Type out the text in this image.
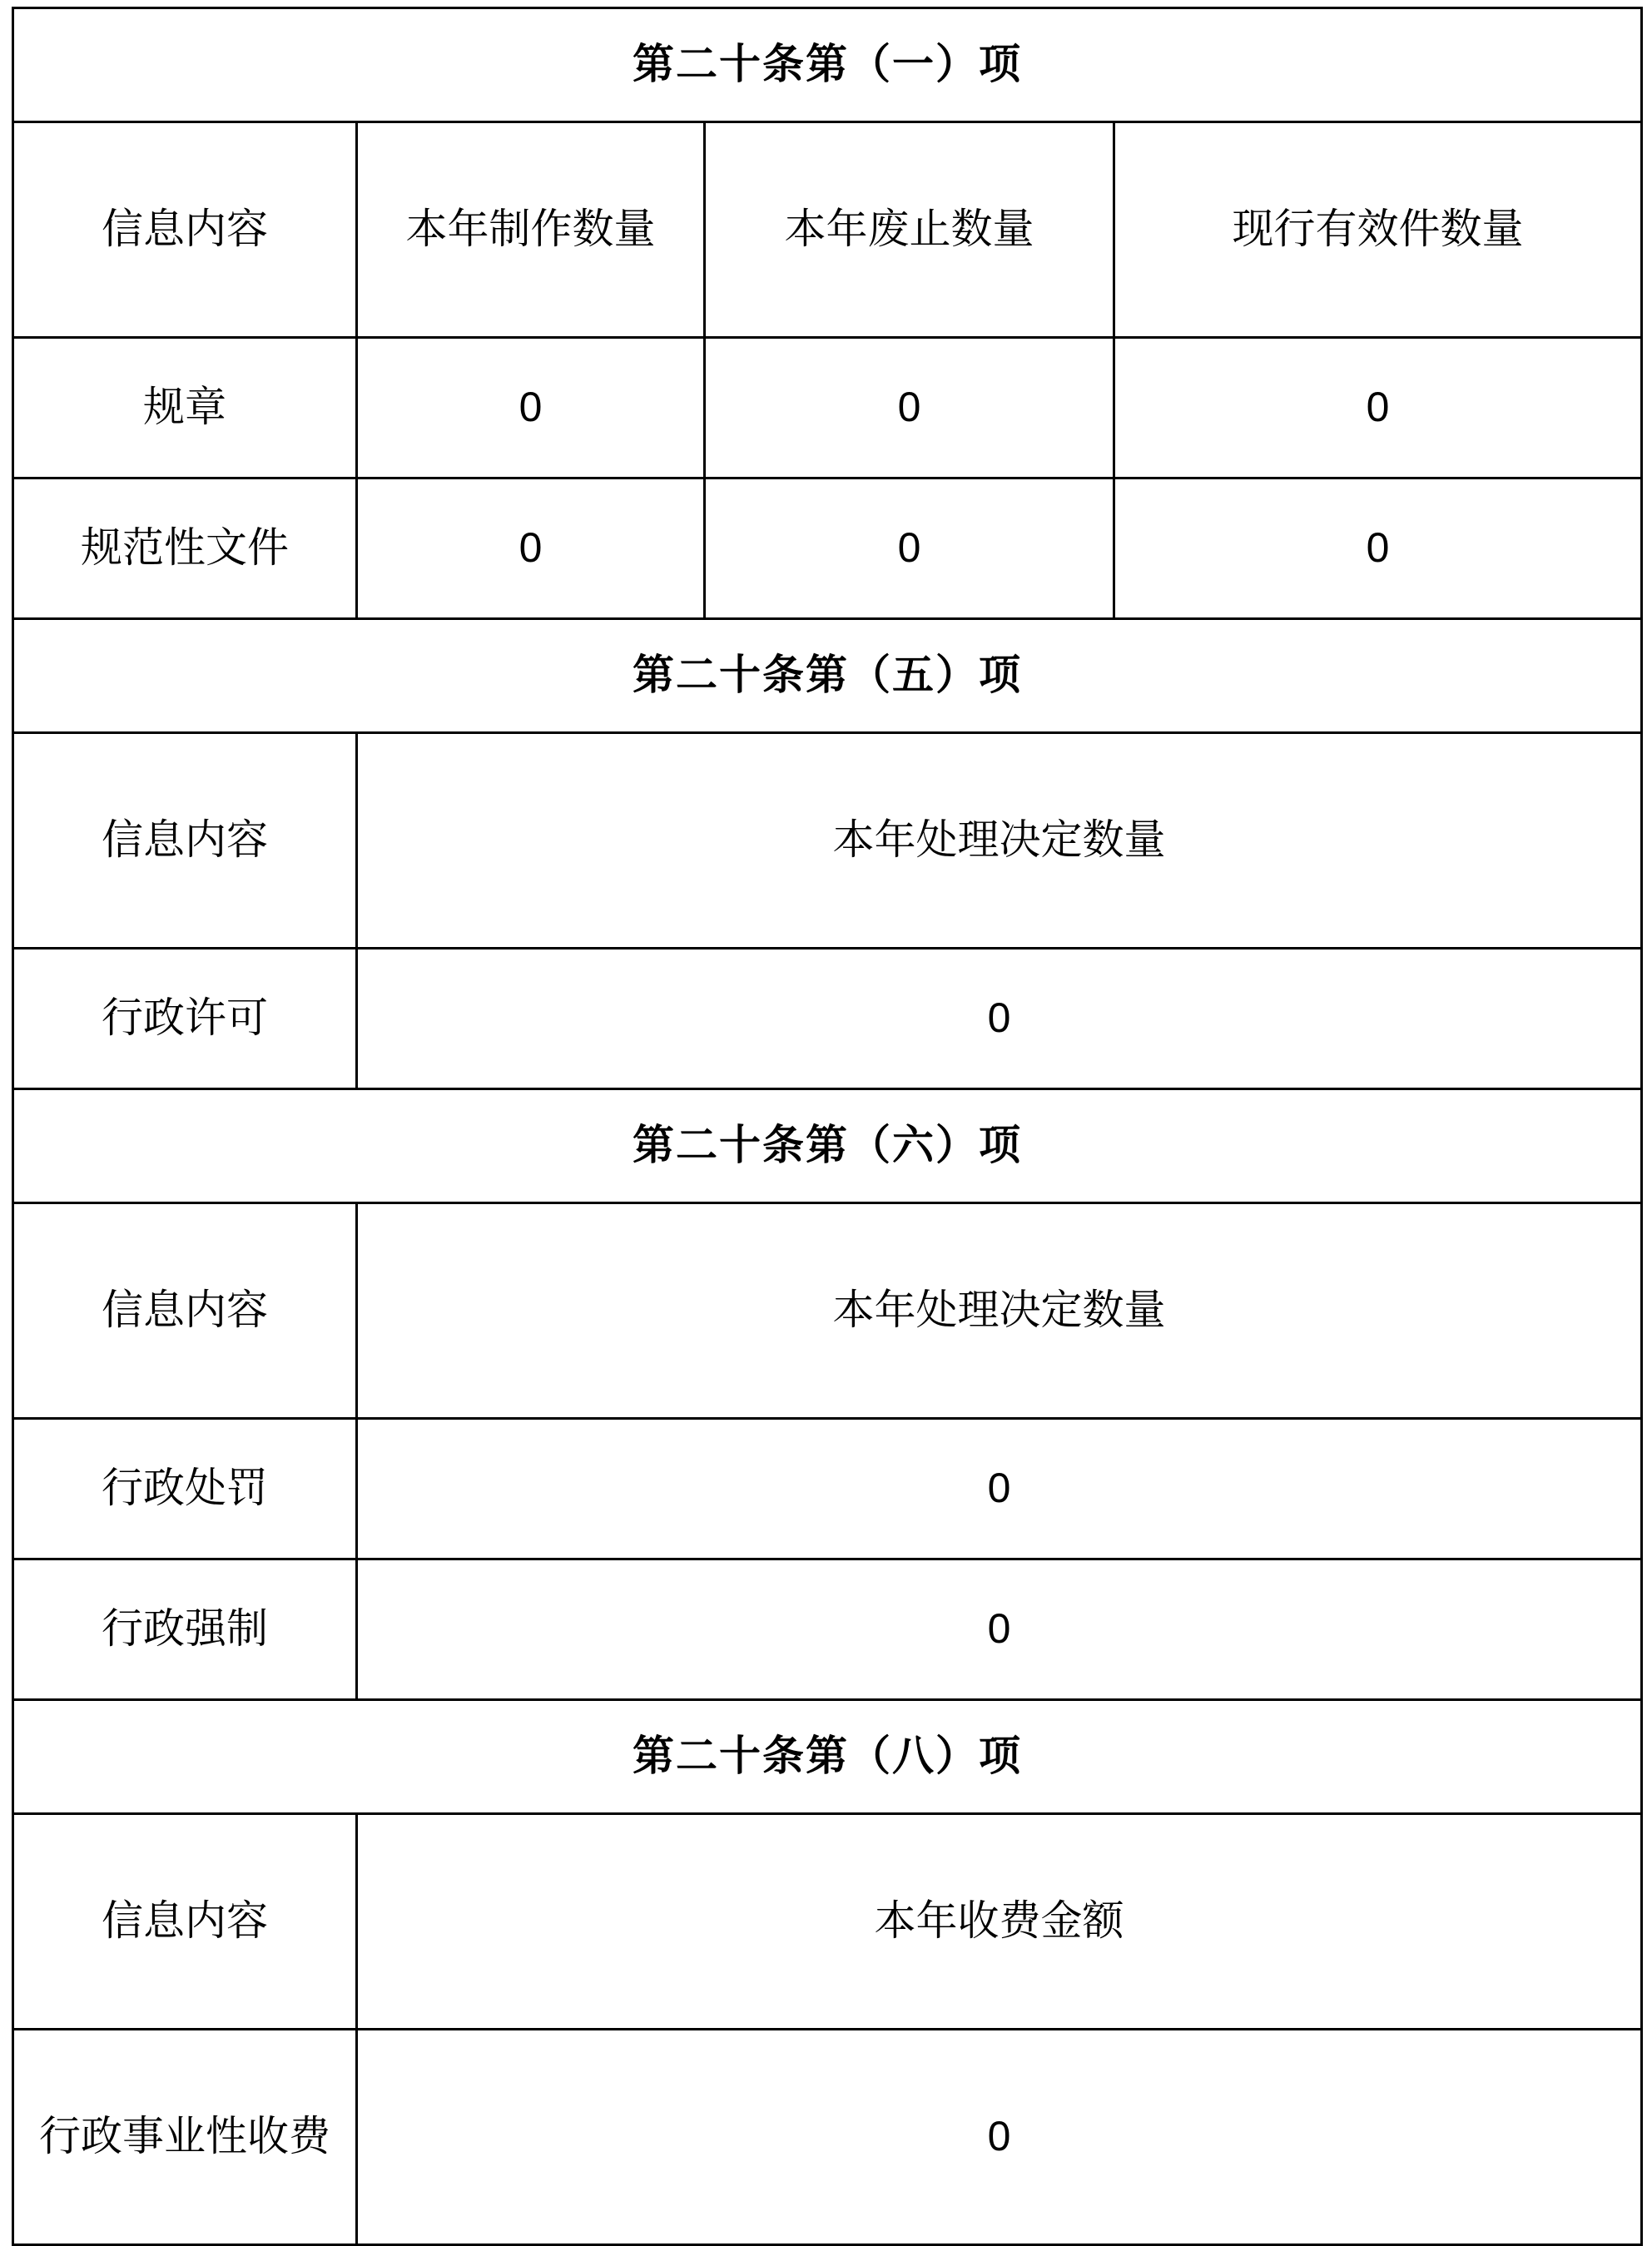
第二十条第（一）项			
信息内容	本年制作数量	本年废止数量	现行有效件数量
规章	0	0	0
规范性文件	0	0	0
第二十条第（五）项			
信息内容	本年处理决定数量		
行政许可	0		
第二十条第（六）项			
信息内容	本年处理决定数量		
行政处罚	0		
行政强制	0		
第二十条第（八）项			
信息内容	本年收费金额		
行政事业性收费	0		
